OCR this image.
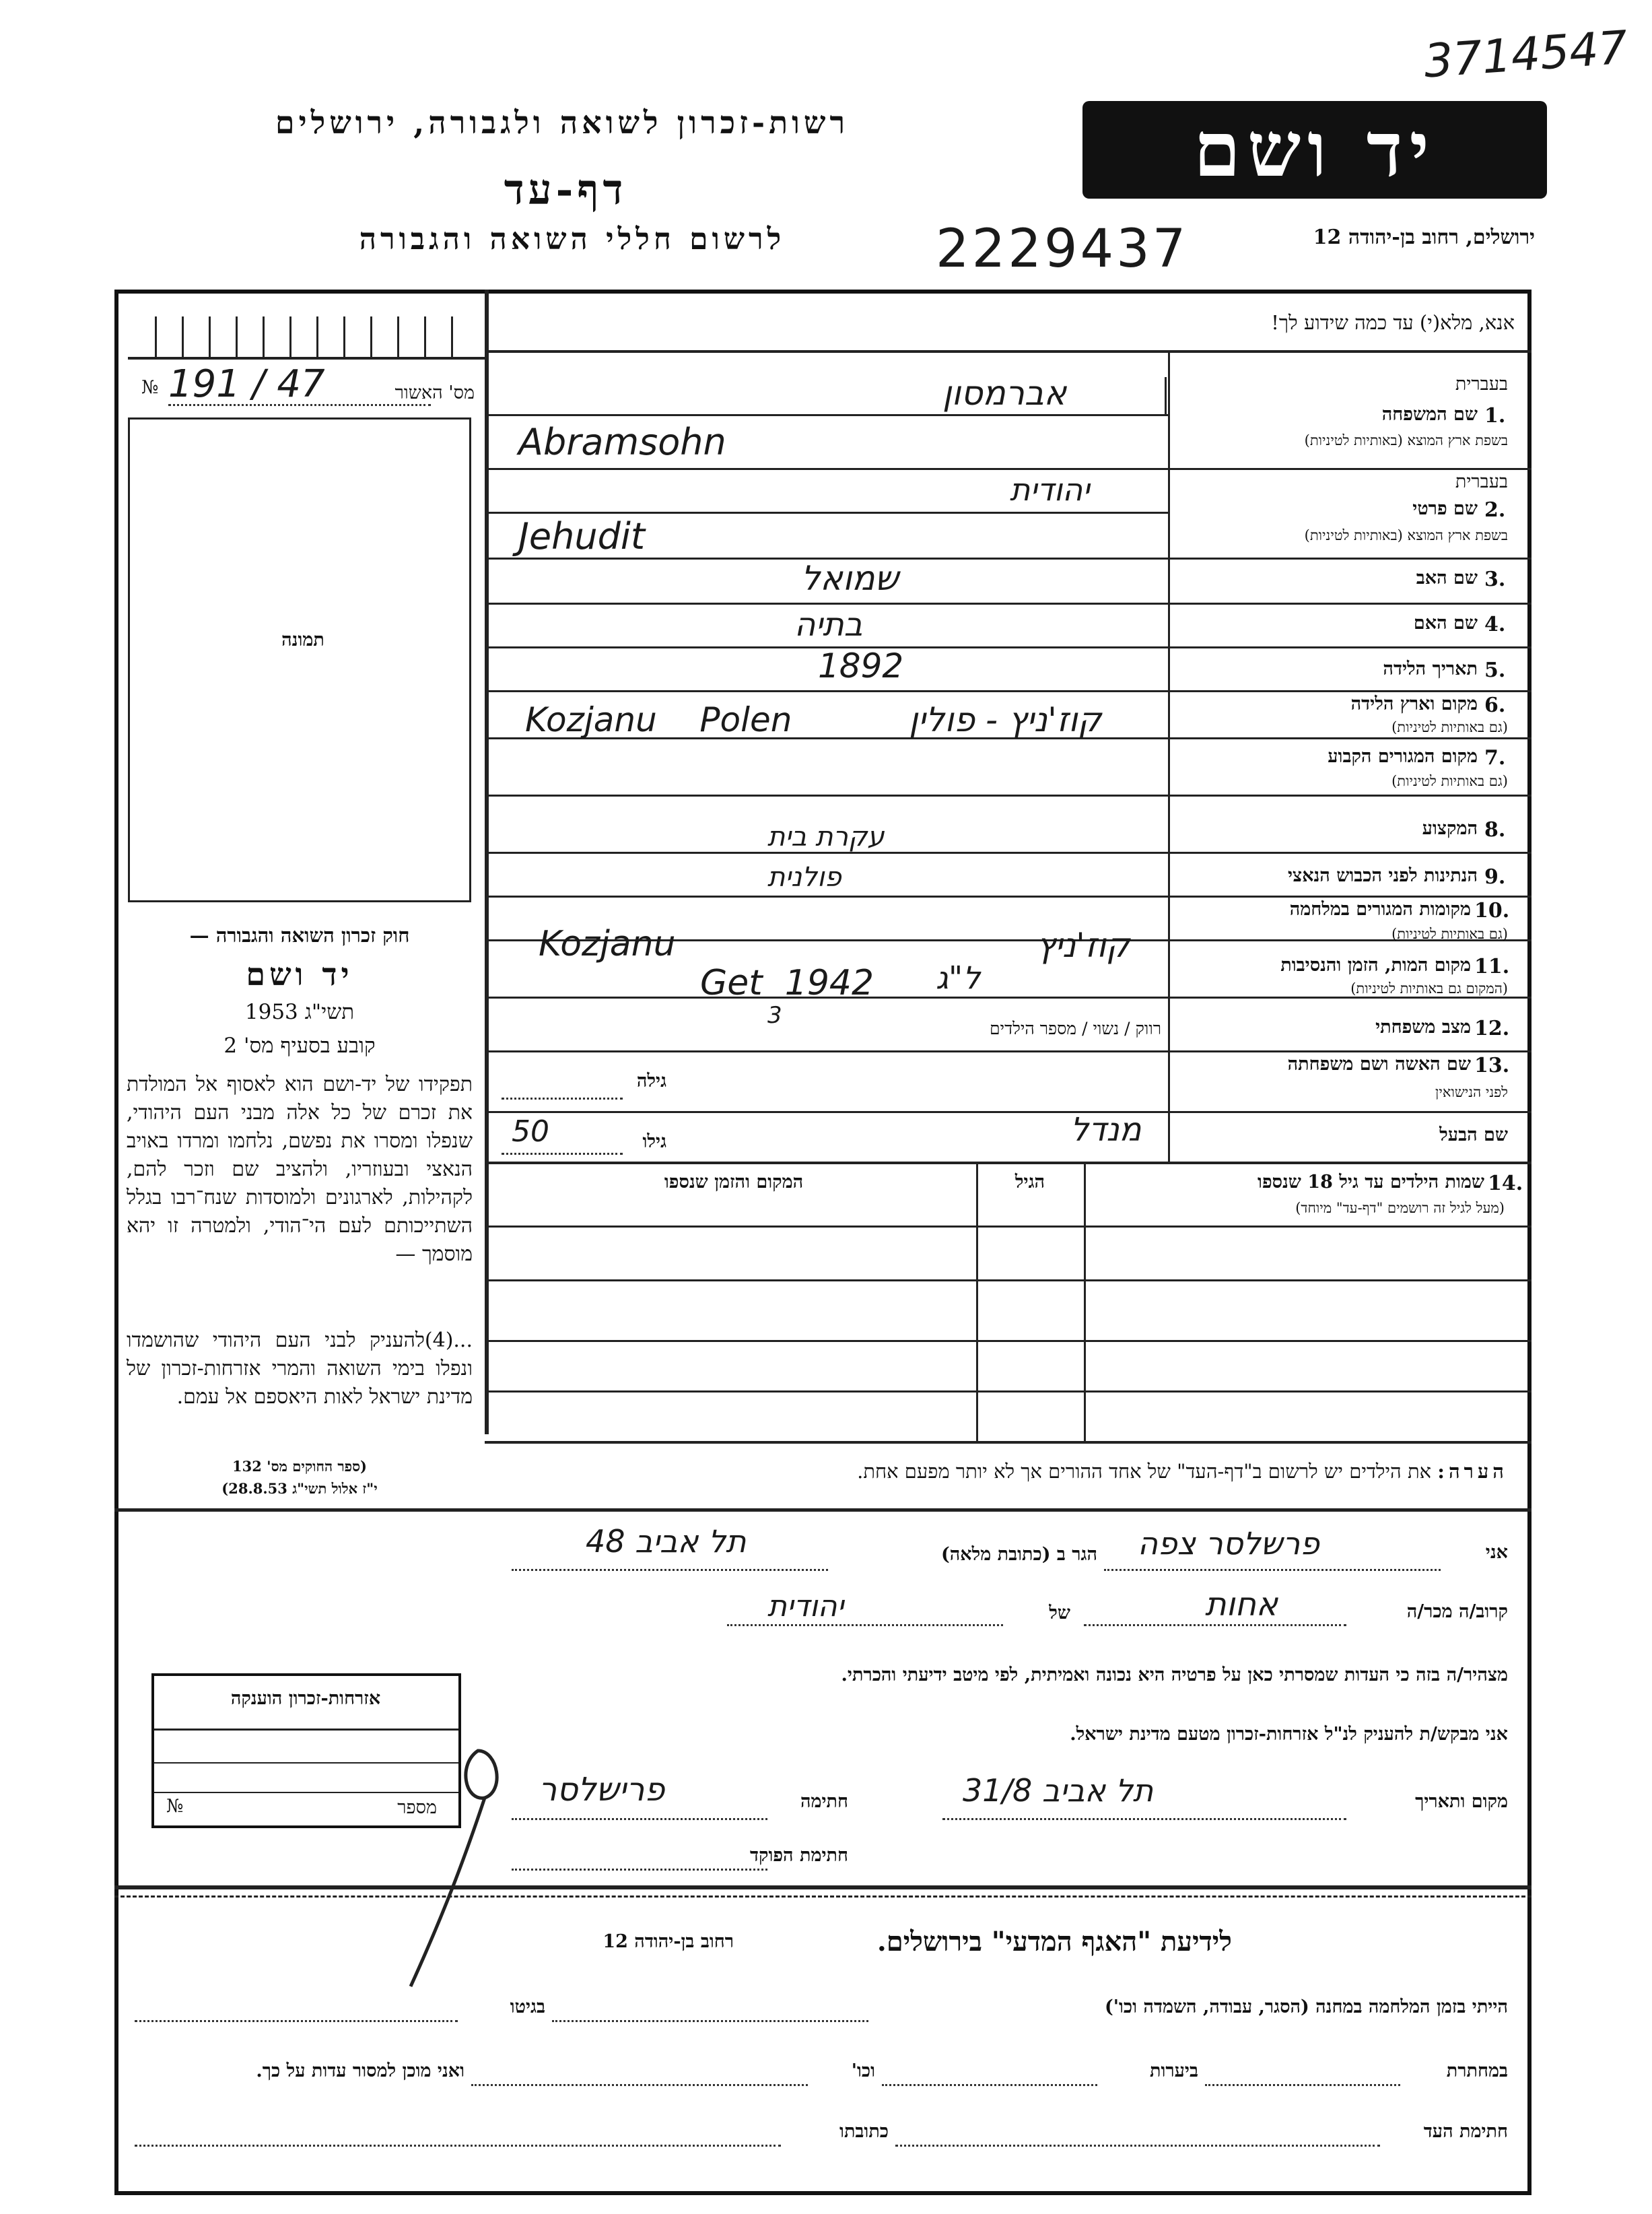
3714547
רשות-זכרון לשואה ולגבורה, ירושלים
דף-עד
לרשום חללי השואה והגבורה
יד ושם
ירושלים, רחוב בן-יהודה 12
2229437
№ 191 / 47	מס' האשור
תמונה
חוק זכרון השואה והגבורה —
יד ושם
תשי"ג 1953
קובע בסעיף מס' 2
תפקידו של יד-ושם הוא לאסוף אל המולדת את זכרם של כל אלה מבני העם היהודי, שנפלו ומסרו את נפשם, נלחמו ומרדו באויב הנאצי ובעוזריו, ולהציב שם וזכר להם, לקהילות, לארגונים ולמוסדות שנח־רבו בגלל השתייכותם לעם הי־הודי, ולמטרה זו יהא מוסמך —
...(4)להעניק לבני העם היהודי שהושמדו ונפלו בימי השואה והמרי אזרחות-זכרון של מדינת ישראל לאות היאספם אל עמם.
(ספר החוקים מס' 132
י"ז אלול תשי"ג 28.8.53)
אנא, מלא(י) עד כמה שידוע לך!
בעברית
1.
שם המשפחה
בשפת ארץ המוצא (באותיות לטיניות)
אברמסון
Abramsohn
בעברית
2.
שם פרטי
בשפת ארץ המוצא (באותיות לטיניות)
יהודית
Jehudit
3.
שם האב
שמואל
4.
שם האם
בתיה
5.
תאריך הלידה
1892
6.
מקום וארץ הלידה
(גם באותיות לטיניות)
קוז'ניץ - פולין
Kozjanu    Polen
7.
מקום המגורים הקבוע
(גם באותיות לטיניות)
8.
המקצוע
עקרת בית
9.
הנתינות לפני הכבוש הנאצי
פולנית
10.
מקומות המגורים במלחמה
(גם באותיות לטיניות)
קוז'ניץ
Kozjanu
11.
מקום המות, הזמן והנסיבות
(המקום גם באותיות לטיניות)
ל"ג
Get  1942
12.
מצב משפחתי
רווק / נשוי / מספר הילדים
3
13.
שם האשה ושם משפחתה
לפני הנישואין
גילה
שם הבעל
מנדל
גילו
50
14.
שמות הילדים עד גיל 18 שנספו
(מעל לגיל זה רושמים "דף-עד" מיוחד)
הגיל
המקום והזמן שנספו
הערה: את הילדים יש לרשום ב"דף-העד" של אחד ההורים אך לא יותר מפעם אחת.
אני
פרשלסר צפה
הגר ב (כתובת מלאה)
תל אביב 48
קרוב/ה מכר/ה
אחות
של
יהודית
מצהיר/ה בזה כי העדות שמסרתי כאן על פרטיה היא נכונה ואמיתית, לפי מיטב ידיעתי והכרתי.
אני מבקש/ת להעניק לנ"ל אזרחות-זכרון מטעם מדינת ישראל.
מקום ותאריך
תל אביב 31/8
חתימה
פרישלסר
חתימת הפוקד
אזרחות-זכרון הוענקה
№	מספר
לידיעת "האגף המדעי" בירושלים.
רחוב בן-יהודה 12
הייתי בזמן המלחמה במחנה (הסגר, עבודה, השמדה וכו')
בגיטו
במחתרת
ביערות
וכו'
ואני מוכן למסור עדות על כך.
חתימת העד
כתובתו
